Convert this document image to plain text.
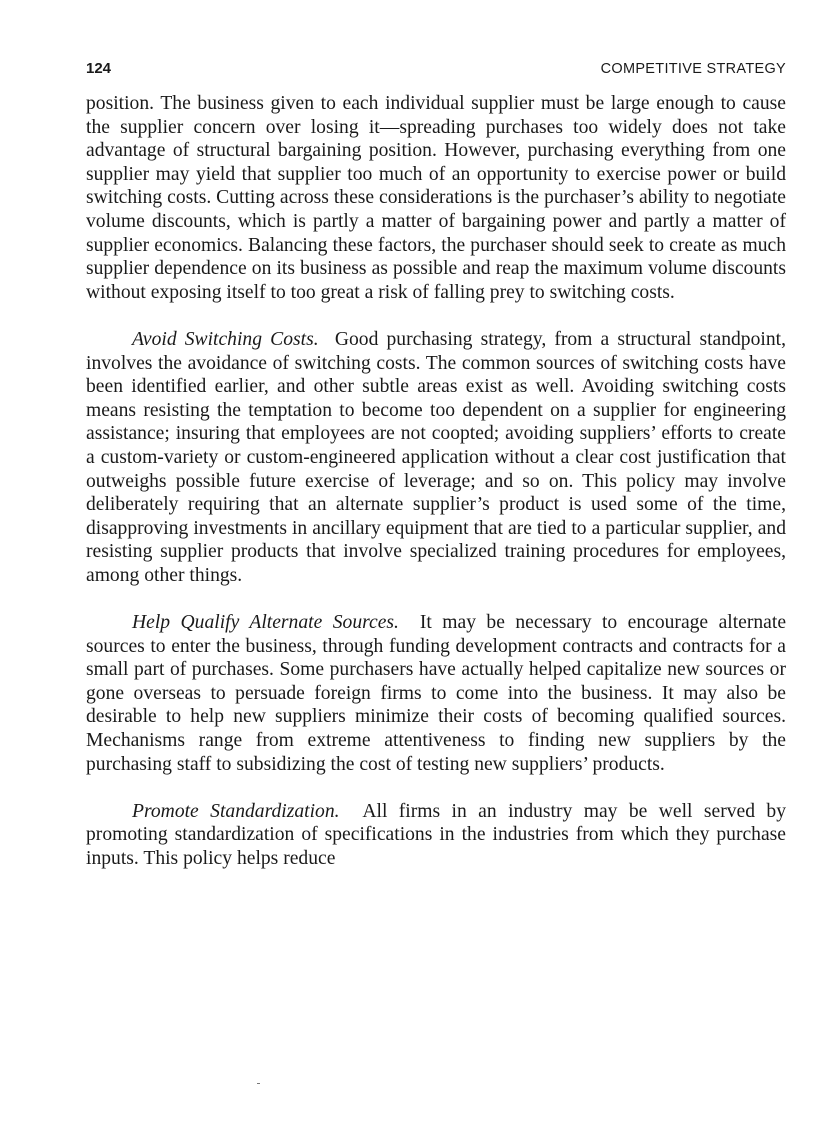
124	COMPETITIVE STRATEGY

position. The business given to each individual supplier must be large enough to cause the supplier concern over losing it—spreading purchases too widely does not take advantage of structural bargaining position. However, purchasing everything from one supplier may yield that supplier too much of an opportunity to exercise power or build switching costs. Cutting across these considerations is the purchaser’s ability to negotiate volume discounts, which is partly a matter of bargaining power and partly a matter of supplier economics. Balancing these factors, the purchaser should seek to create as much supplier dependence on its business as possible and reap the maximum volume discounts without exposing itself to too great a risk of falling prey to switching costs.

Avoid Switching Costs. Good purchasing strategy, from a structural standpoint, involves the avoidance of switching costs. The common sources of switching costs have been identified earlier, and other subtle areas exist as well. Avoiding switching costs means resisting the temptation to become too dependent on a supplier for engineering assistance; insuring that employees are not coopted; avoiding suppliers’ efforts to create a custom-variety or custom-engineered application without a clear cost justification that outweighs possible future exercise of leverage; and so on. This policy may involve deliberately requiring that an alternate supplier’s product is used some of the time, disapproving investments in ancillary equipment that are tied to a particular supplier, and resisting supplier products that involve specialized training procedures for employees, among other things.

Help Qualify Alternate Sources. It may be necessary to encourage alternate sources to enter the business, through funding development contracts and contracts for a small part of purchases. Some purchasers have actually helped capitalize new sources or gone overseas to persuade foreign firms to come into the business. It may also be desirable to help new suppliers minimize their costs of becoming qualified sources. Mechanisms range from extreme attentiveness to finding new suppliers by the purchasing staff to subsidizing the cost of testing new suppliers’ products.

Promote Standardization. All firms in an industry may be well served by promoting standardization of specifications in the industries from which they purchase inputs. This policy helps reduce
